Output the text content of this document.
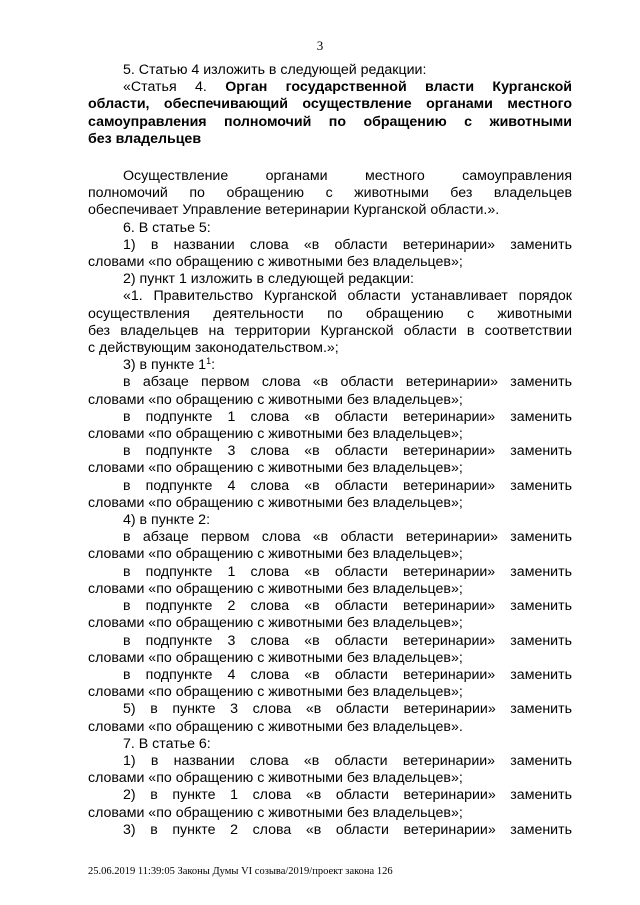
3
5. Статью 4 изложить в следующей редакции:
«Статья 4. Орган государственной власти Курганской
области, обеспечивающий осуществление органами местного
самоуправления полномочий по обращению с животными
без владельцев
Осуществление органами местного самоуправления
полномочий по обращению с животными без владельцев
обеспечивает Управление ветеринарии Курганской области.».
6. В статье 5:
1) в названии слова «в области ветеринарии» заменить
словами «по обращению с животными без владельцев»;
2) пункт 1 изложить в следующей редакции:
«1. Правительство Курганской области устанавливает порядок
осуществления деятельности по обращению с животными
без владельцев на территории Курганской области в соответствии
с действующим законодательством.»;
3) в пункте $1^1$:
в абзаце первом слова «в области ветеринарии» заменить
словами «по обращению с животными без владельцев»;
в подпункте 1 слова «в области ветеринарии» заменить
словами «по обращению с животными без владельцев»;
в подпункте 3 слова «в области ветеринарии» заменить
словами «по обращению с животными без владельцев»;
в подпункте 4 слова «в области ветеринарии» заменить
словами «по обращению с животными без владельцев»;
4) в пункте 2:
в абзаце первом слова «в области ветеринарии» заменить
словами «по обращению с животными без владельцев»;
в подпункте 1 слова «в области ветеринарии» заменить
словами «по обращению с животными без владельцев»;
в подпункте 2 слова «в области ветеринарии» заменить
словами «по обращению с животными без владельцев»;
в подпункте 3 слова «в области ветеринарии» заменить
словами «по обращению с животными без владельцев»;
в подпункте 4 слова «в области ветеринарии» заменить
словами «по обращению с животными без владельцев»;
5) в пункте 3 слова «в области ветеринарии» заменить
словами «по обращению с животными без владельцев».
7. В статье 6:
1) в названии слова «в области ветеринарии» заменить
словами «по обращению с животными без владельцев»;
2) в пункте 1 слова «в области ветеринарии» заменить
словами «по обращению с животными без владельцев»;
3) в пункте 2 слова «в области ветеринарии» заменить
25.06.2019 11:39:05 Законы Думы VI созыва/2019/проект закона 126
